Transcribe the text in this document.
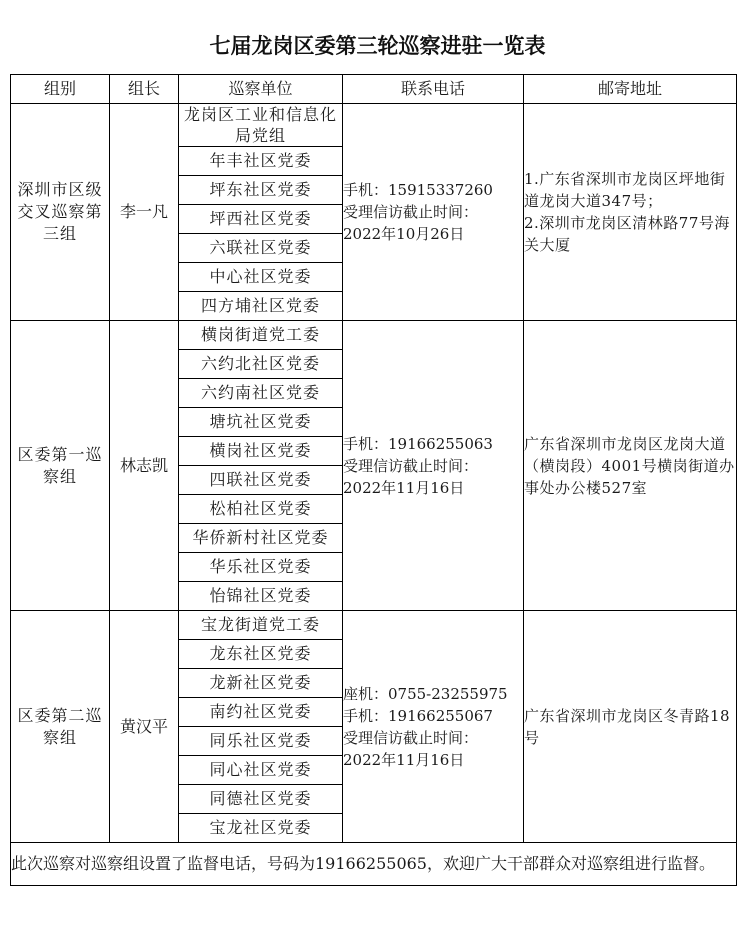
七届龙岗区委第三轮巡察进驻一览表
组别	组长	巡察单位	联系电话	邮寄地址
深圳市区级交叉巡察第三组	李一凡	龙岗区工业和信息化局党组	手机：15915337260
受理信访截止时间：
2022年10月26日	1.广东省深圳市龙岗区坪地街道龙岗大道347号；
2.深圳市龙岗区清林路77号海关大厦

		年丰社区党委		
		坪东社区党委		
		坪西社区党委		
		六联社区党委		
		中心社区党委		
		四方埔社区党委		
区委第一巡察组	林志凯	横岗街道党工委	手机：19166255063
受理信访截止时间：
2022年11月16日	广东省深圳市龙岗区龙岗大道（横岗段）4001号横岗街道办事处办公楼527室

		六约北社区党委		
		六约南社区党委		
		塘坑社区党委		
		横岗社区党委		
		四联社区党委		
		松柏社区党委		
		华侨新村社区党委		
		华乐社区党委		
		怡锦社区党委		
区委第二巡察组	黄汉平	宝龙街道党工委	座机：0755-23255975
手机：19166255067
受理信访截止时间：
2022年11月16日	广东省深圳市龙岗区冬青路18号

		龙东社区党委		
		龙新社区党委		
		南约社区党委		
		同乐社区党委		
		同心社区党委		
		同德社区党委		
		宝龙社区党委		
此次巡察对巡察组设置了监督电话，号码为19166255065，欢迎广大干部群众对巡察组进行监督。				
